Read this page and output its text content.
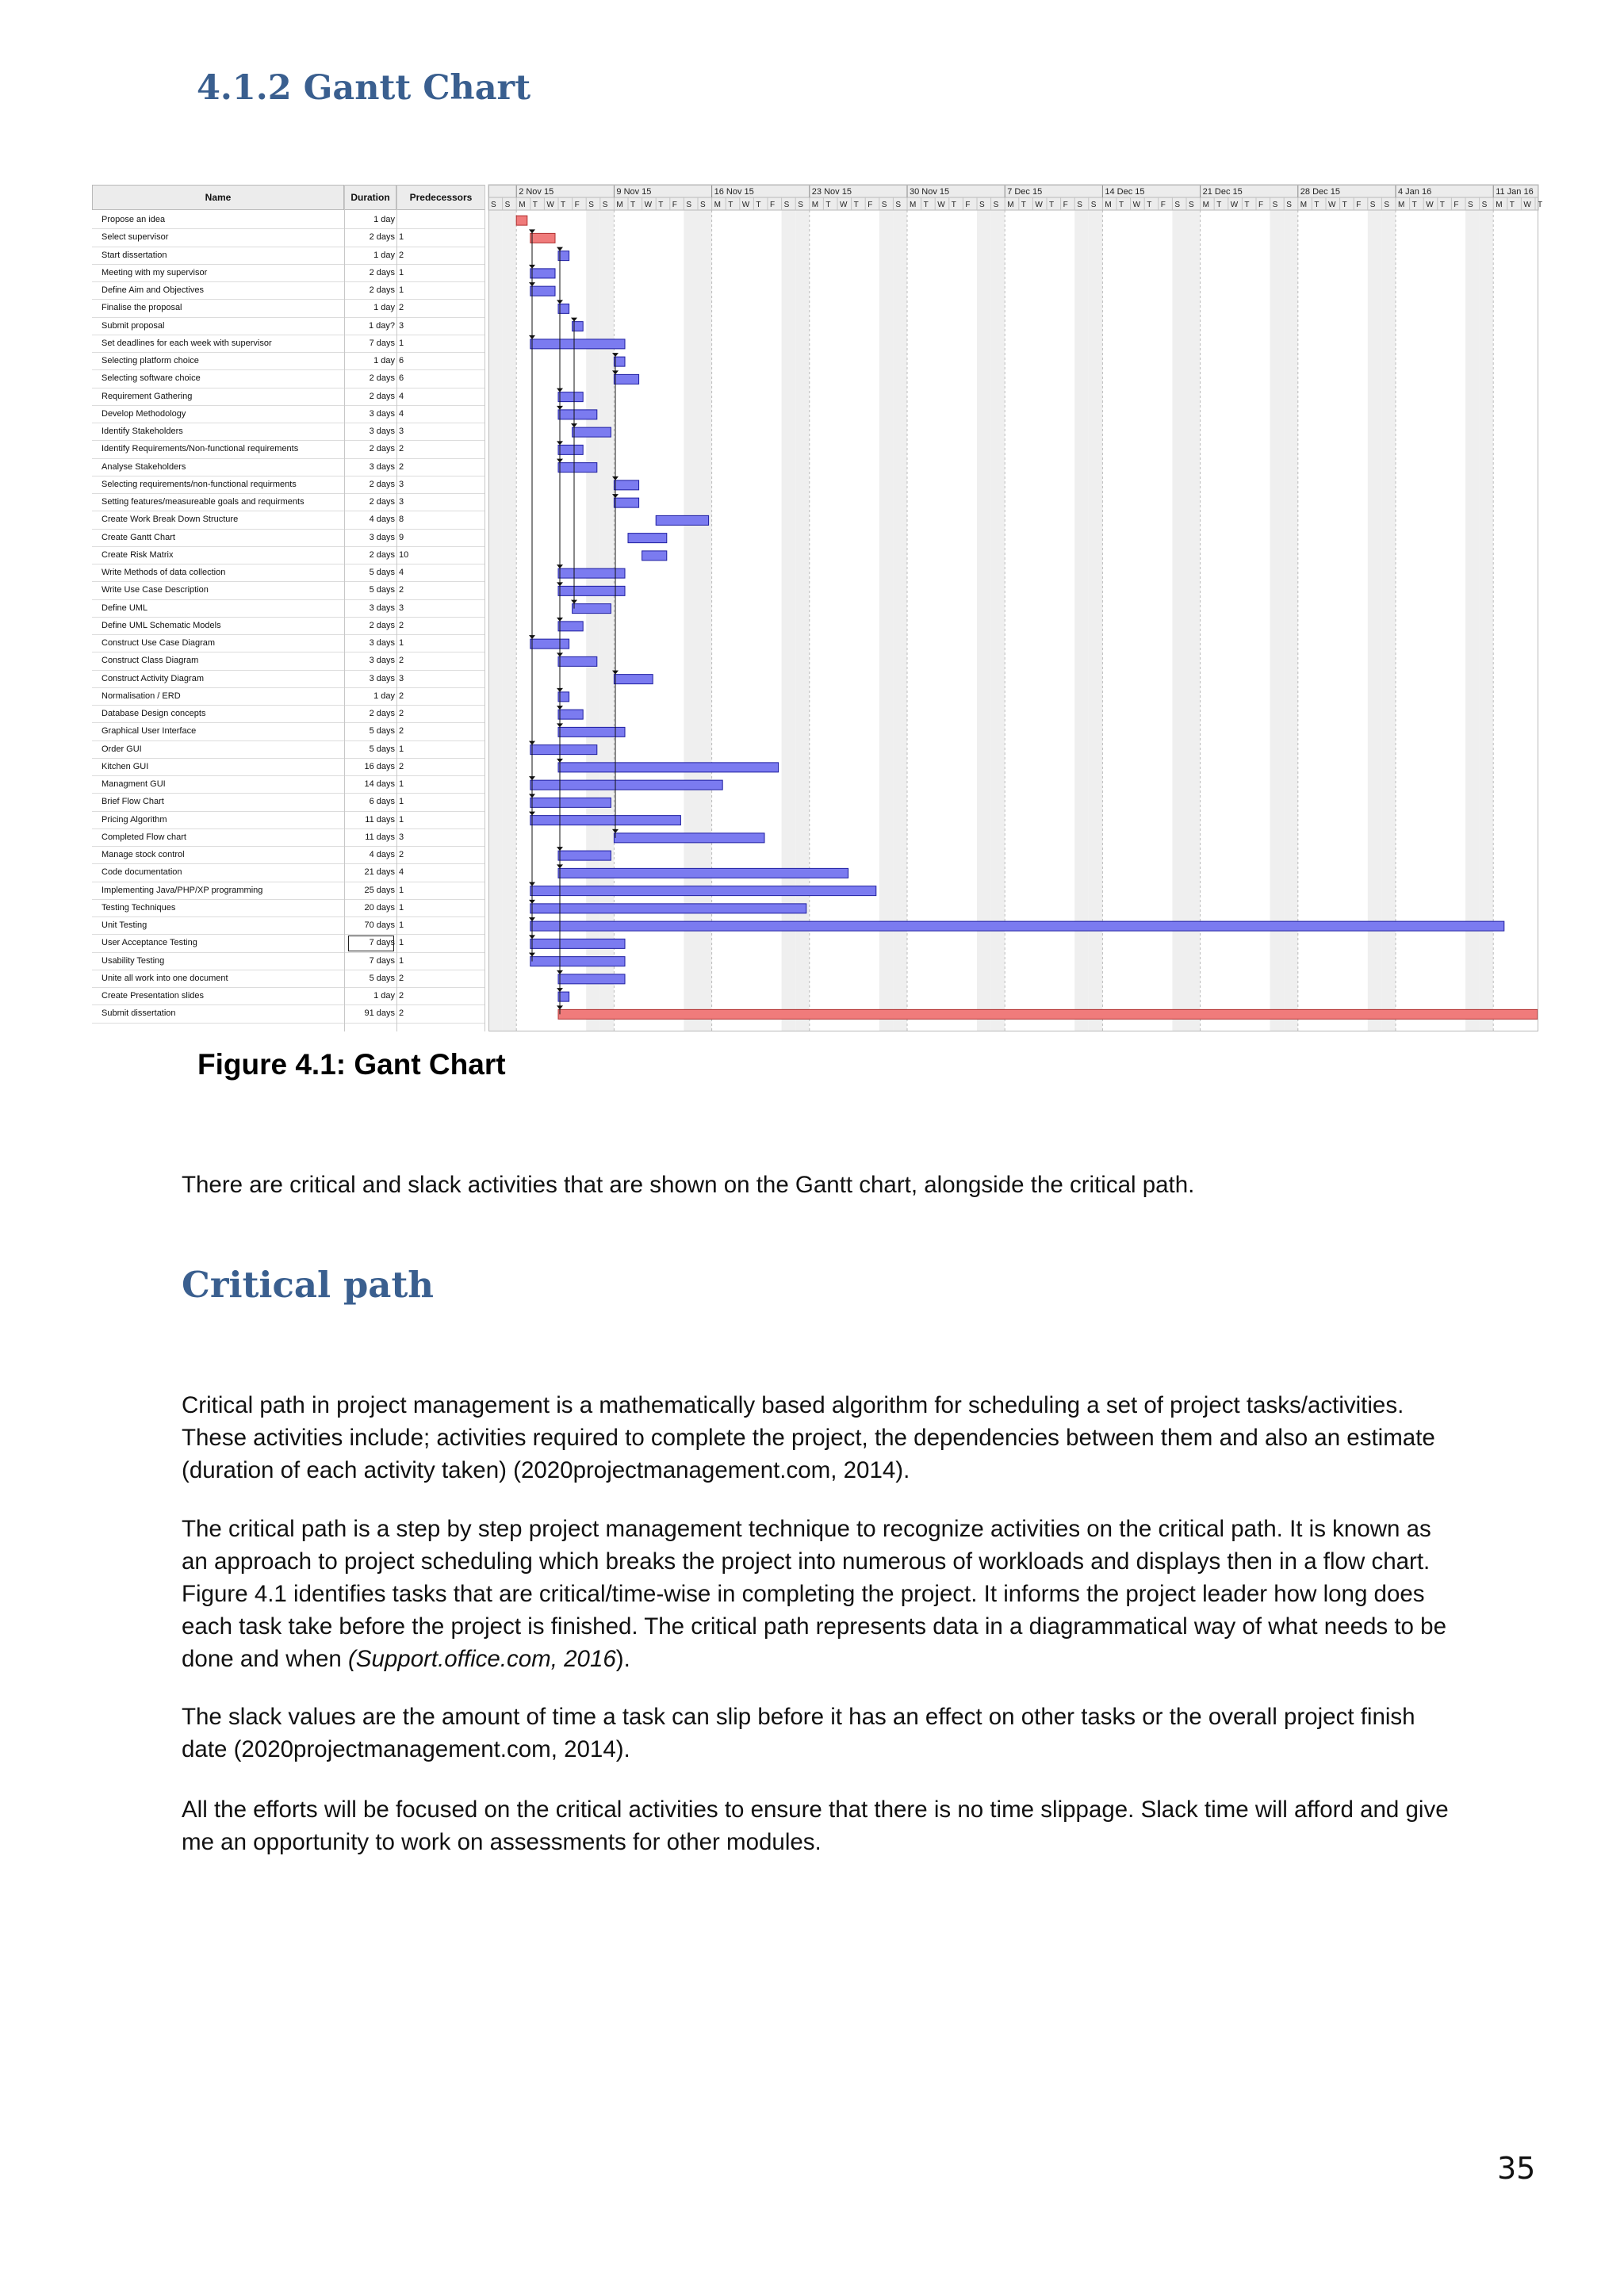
4.1.2 Gantt Chart
Name	Duration	Predecessors
Propose an idea	1 day
Select supervisor	2 days 1
Start dissertation	1 day 2
Meeting with my supervisor	2 days 1
Define Aim and Objectives	2 days 1
Finalise the proposal	1 day 2
Submit proposal	1 day? 3
Set deadlines for each week with supervisor	7 days 1
Selecting platform choice	1 day 6
Selecting software choice	2 days 6
Requirement Gathering	2 days 4
Develop Methodology	3 days 4
Identify Stakeholders	3 days 3
Identify Requirements/Non-functional requirements	2 days 2
Analyse Stakeholders	3 days 2
Selecting requirements/non-functional requirments	2 days 3
Setting features/measureable goals and requirments	2 days 3
Create Work Break Down Structure	4 days 8
Create Gantt Chart	3 days 9
Create Risk Matrix	2 days 10
Write Methods of data collection	5 days 4
Write Use Case Description	5 days 2
Define UML	3 days 3
Define UML Schematic Models	2 days 2
Construct Use Case Diagram	3 days 1
Construct Class Diagram	3 days 2
Construct Activity Diagram	3 days 3
Normalisation / ERD	1 day 2
Database Design concepts	2 days 2
Graphical User Interface	5 days 2
Order GUI	5 days 1
Kitchen GUI	16 days 2
Managment GUI	14 days 1
Brief Flow Chart	6 days 1
Pricing Algorithm	11 days 1
Completed Flow chart	11 days 3
Manage stock control	4 days 2
Code documentation	21 days 4
Implementing Java/PHP/XP programming	25 days 1
Testing Techniques	20 days 1
Unit Testing	70 days 1
User Acceptance Testing	7 days 1
Usability Testing	7 days 1
Unite all work into one document	5 days 2
Create Presentation slides	1 day 2
Submit dissertation	91 days 2
2 Nov 15	9 Nov 15	16 Nov 15	23 Nov 15	30 Nov 15	7 Dec 15	14 Dec 15	21 Dec 15	28 Dec 15	4 Jan 16	11 Jan 16
S S M T W T F S S M T W T F S S M T W T F S S M T W T F S S M T W T F S S M T W T F S S M T W T F S S M T W T F S S M T W T F S S M T W T F S S M T W T

Figure 4.1: Gant Chart

There are critical and slack activities that are shown on the Gantt chart, alongside the critical path.

Critical path

Critical path in project management is a mathematically based algorithm for scheduling a set of project tasks/activities. These activities include; activities required to complete the project, the dependencies between them and also an estimate (duration of each activity taken) (2020projectmanagement.com, 2014).

The critical path is a step by step project management technique to recognize activities on the critical path. It is known as an approach to project scheduling which breaks the project into numerous of workloads and displays then in a flow chart. Figure 4.1 identifies tasks that are critical/time-wise in completing the project. It informs the project leader how long does each task take before the project is finished. The critical path represents data in a diagrammatical way of what needs to be done and when (Support.office.com, 2016).

The slack values are the amount of time a task can slip before it has an effect on other tasks or the overall project finish date (2020projectmanagement.com, 2014).

All the efforts will be focused on the critical activities to ensure that there is no time slippage. Slack time will afford and give me an opportunity to work on assessments for other modules.

35
